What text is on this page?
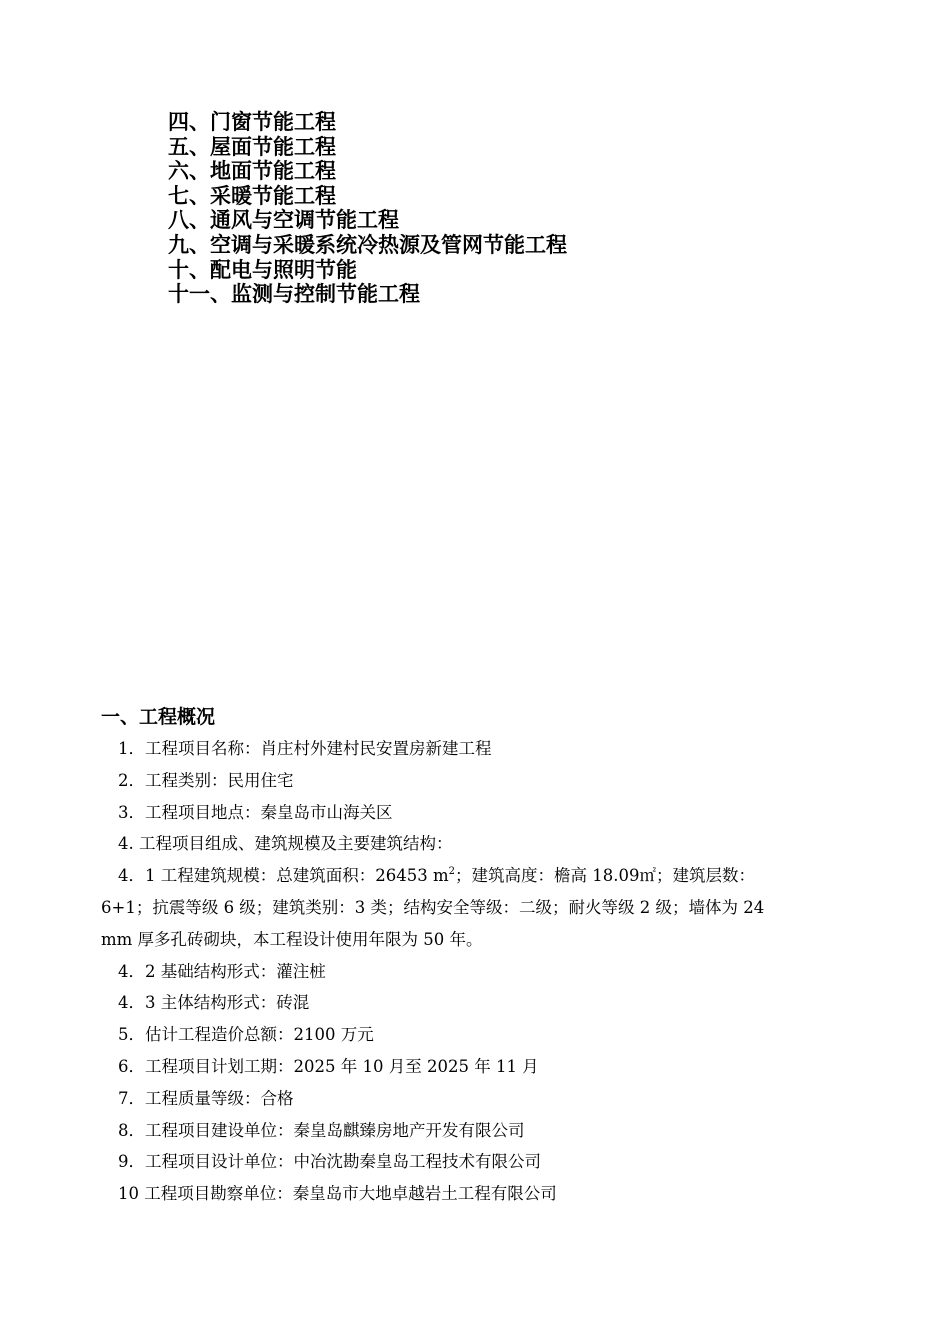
四、门窗节能工程
五、屋面节能工程
六、地面节能工程
七、采暖节能工程
八、通风与空调节能工程
九、空调与采暖系统冷热源及管网节能工程
十、配电与照明节能
十一、监测与控制节能工程
一、工程概况
1．工程项目名称：肖庄村外建村民安置房新建工程
2．工程类别：民用住宅
3．工程项目地点：秦皇岛市山海关区
4. 工程项目组成、建筑规模及主要建筑结构：
4．1 工程建筑规模：总建筑面积：26453 $m^2$；建筑高度：檐高 18.09㎡；建筑层数：
6+1；抗震等级 6 级；建筑类别：3 类；结构安全等级：二级；耐火等级 2 级；墙体为 24
mm 厚多孔砖砌块，本工程设计使用年限为 50 年。
4．2 基础结构形式：灌注桩
4．3 主体结构形式：砖混
5．估计工程造价总额：2100 万元
6．工程项目计划工期：2025 年 10 月至 2025 年 11 月
7．工程质量等级：合格
8．工程项目建设单位：秦皇岛麒臻房地产开发有限公司
9．工程项目设计单位：中冶沈勘秦皇岛工程技术有限公司
10 工程项目勘察单位：秦皇岛市大地卓越岩土工程有限公司
